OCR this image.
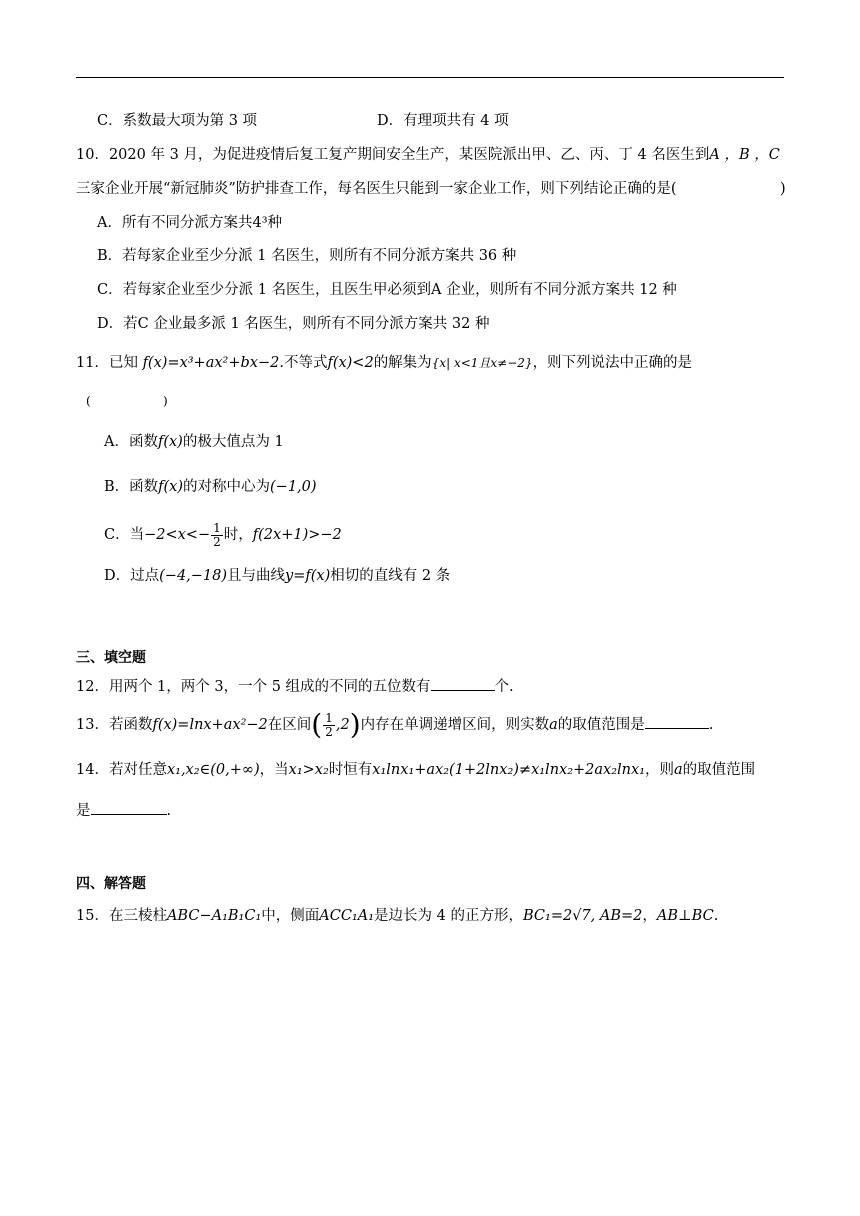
C．系数最大项为第 3 项	D．有理项共有 4 项
10．2020 年 3 月，为促进疫情后复工复产期间安全生产，某医院派出甲、乙、丙、丁 4 名医生到A ，B ，C
三家企业开展“新冠肺炎”防护排查工作，每名医生只能到一家企业工作，则下列结论正确的是(	)
A．所有不同分派方案共4³种
B．若每家企业至少分派 1 名医生，则所有不同分派方案共 36 种
C．若每家企业至少分派 1 名医生，且医生甲必须到A 企业，则所有不同分派方案共 12 种
D．若C 企业最多派 1 名医生，则所有不同分派方案共 32 种
11．已知 f(x)=x³+ax²+bx−2.不等式f(x)<2的解集为{x| x<1且x≠−2}，则下列说法中正确的是
(	)
A．函数f(x)的极大值点为 1
B．函数f(x)的对称中心为(−1,0)
C．当$-2<x<- \frac{1}{2}$ 时，f(2x+1)>−2
D．过点(−4,−18)且与曲线y=f(x)相切的直线有 2 条
三、填空题
12．用两个 1，两个 3，一个 5 组成的不同的五位数有	个.
13．若函数f(x)=lnx+ax²−2在区间( $\frac{1}{2} ,2$)内存在单调递增区间，则实数a的取值范围是	.
14．若对任意x₁,x₂∈(0,+∞)，当x₁>x₂时恒有x₁lnx₁+ax₂(1+2lnx₂)≠x₁lnx₂+2ax₂lnx₁，则a的取值范围
是	.
四、解答题
15．在三棱柱ABC−A₁B₁C₁中，侧面ACC₁A₁是边长为 4 的正方形，BC₁=2√7, AB=2，AB⊥BC.
